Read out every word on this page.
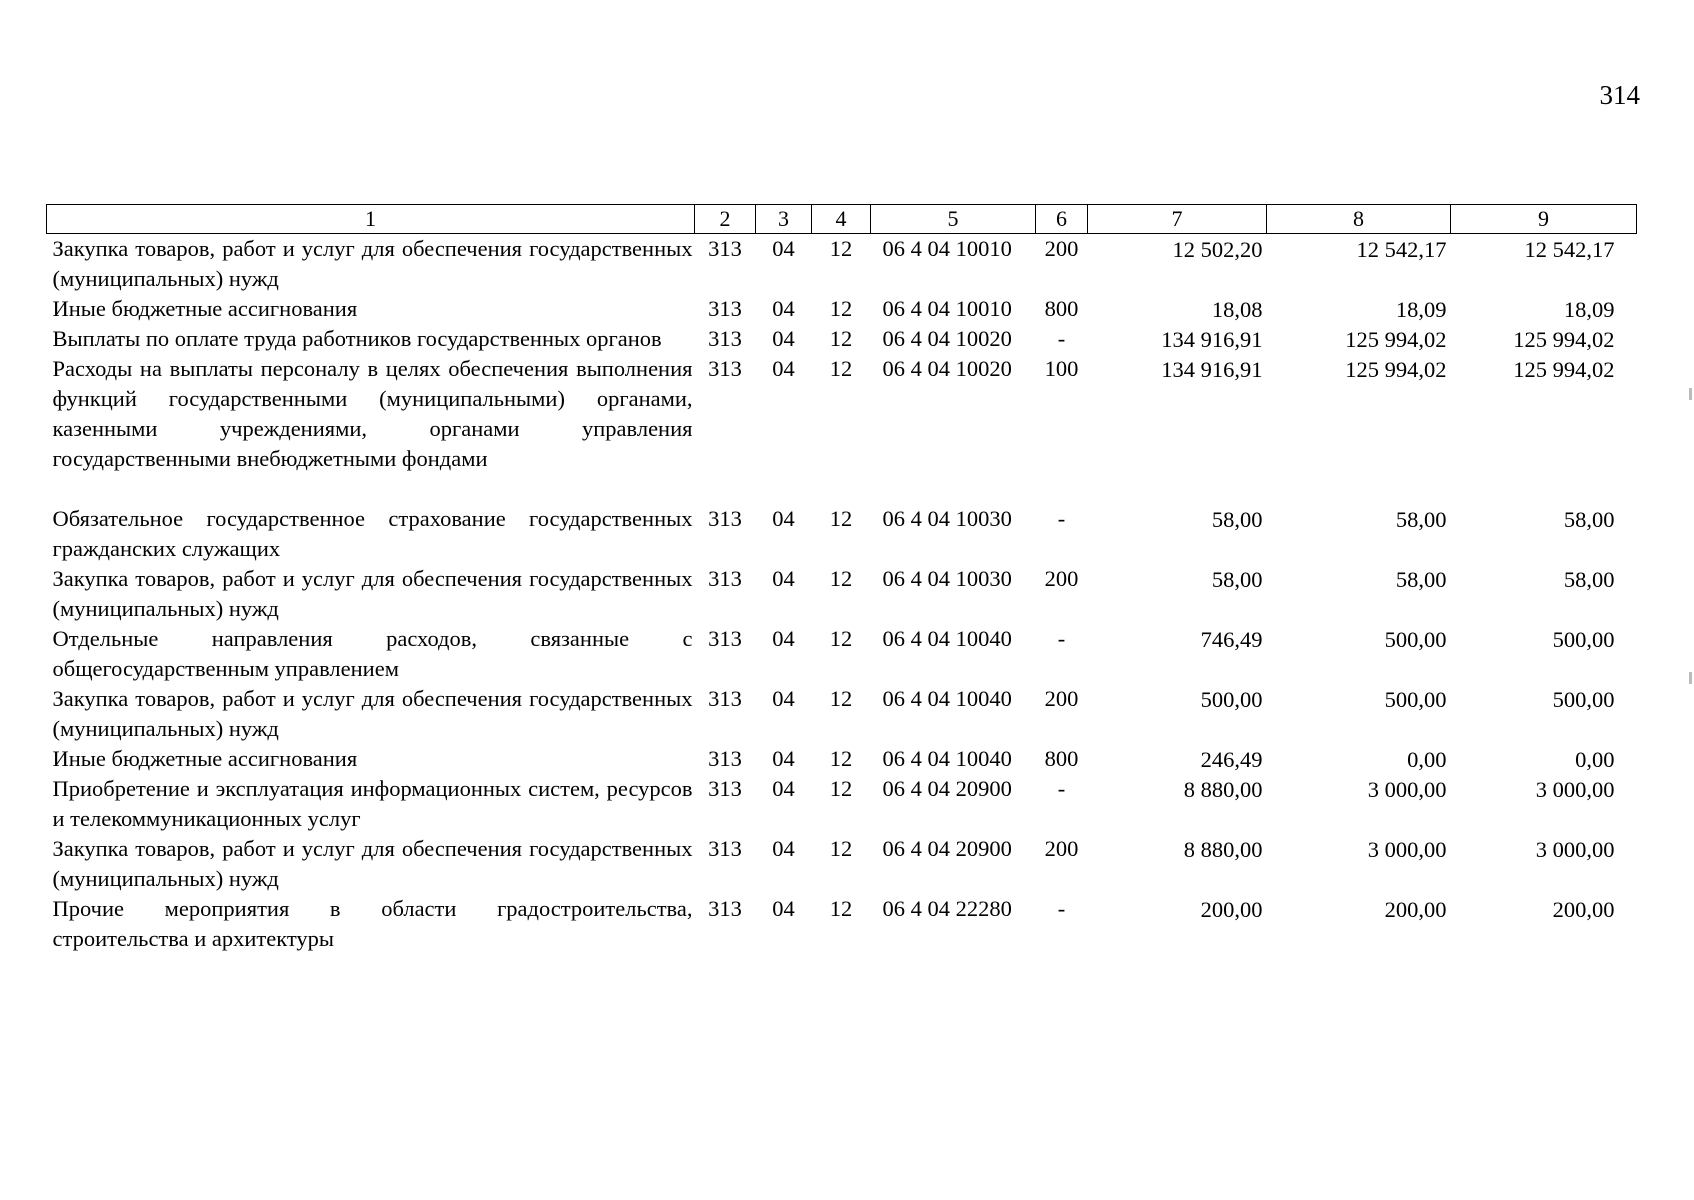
314
1	2	3	4	5	6	7	8	9
Закупка товаров, работ и услуг для обеспечения государственных (муниципальных) нужд	313	04	12	06 4 04 10010	200	12 502,20	12 542,17	12 542,17
Иные бюджетные ассигнования	313	04	12	06 4 04 10010	800	18,08	18,09	18,09
Выплаты по оплате труда работников государственных органов	313	04	12	06 4 04 10020	-	134 916,91	125 994,02	125 994,02
Расходы на выплаты персоналу в целях обеспечения выполнения функций государственными (муниципальными) органами, казенными учреждениями, органами управления государственными внебюджетными фондами	313	04	12	06 4 04 10020	100	134 916,91	125 994,02	125 994,02

Обязательное государственное страхование государственных гражданских служащих	313	04	12	06 4 04 10030	-	58,00	58,00	58,00
Закупка товаров, работ и услуг для обеспечения государственных (муниципальных) нужд	313	04	12	06 4 04 10030	200	58,00	58,00	58,00
Отдельные направления расходов, связанные с общегосударственным управлением	313	04	12	06 4 04 10040	-	746,49	500,00	500,00
Закупка товаров, работ и услуг для обеспечения государственных (муниципальных) нужд	313	04	12	06 4 04 10040	200	500,00	500,00	500,00
Иные бюджетные ассигнования	313	04	12	06 4 04 10040	800	246,49	0,00	0,00
Приобретение и эксплуатация информационных систем, ресурсов и телекоммуникационных услуг	313	04	12	06 4 04 20900	-	8 880,00	3 000,00	3 000,00
Закупка товаров, работ и услуг для обеспечения государственных (муниципальных) нужд	313	04	12	06 4 04 20900	200	8 880,00	3 000,00	3 000,00
Прочие мероприятия в области градостроительства, строительства и архитектуры	313	04	12	06 4 04 22280	-	200,00	200,00	200,00
